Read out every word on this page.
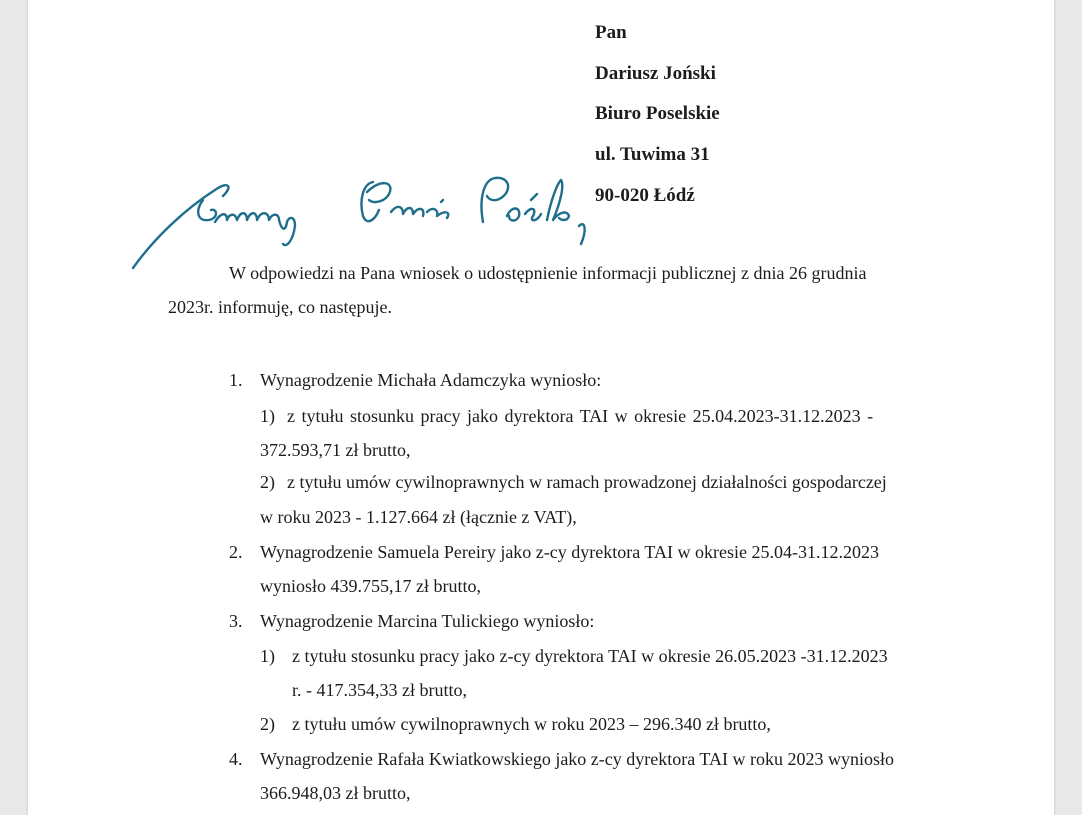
Pan
Dariusz Joński
Biuro Poselskie
ul. Tuwima 31
90-020 Łódź
W odpowiedzi na Pana wniosek o udostępnienie informacji publicznej z dnia 26 grudnia
2023r. informuję, co następuje.
1. Wynagrodzenie Michała Adamczyka wyniosło:
1) z tytułu stosunku pracy jako dyrektora TAI w okresie 25.04.2023-31.12.2023 -
372.593,71 zł brutto,
2) z tytułu umów cywilnoprawnych w ramach prowadzonej działalności gospodarczej
w roku 2023 - 1.127.664 zł (łącznie z VAT),
2. Wynagrodzenie Samuela Pereiry jako z-cy dyrektora TAI w okresie 25.04-31.12.2023
wyniosło 439.755,17 zł brutto,
3. Wynagrodzenie Marcina Tulickiego wyniosło:
1) z tytułu stosunku pracy jako z-cy dyrektora TAI w okresie 26.05.2023 -31.12.2023
r. - 417.354,33 zł brutto,
2) z tytułu umów cywilnoprawnych w roku 2023 – 296.340 zł brutto,
4. Wynagrodzenie Rafała Kwiatkowskiego jako z-cy dyrektora TAI w roku 2023 wyniosło
366.948,03 zł brutto,
